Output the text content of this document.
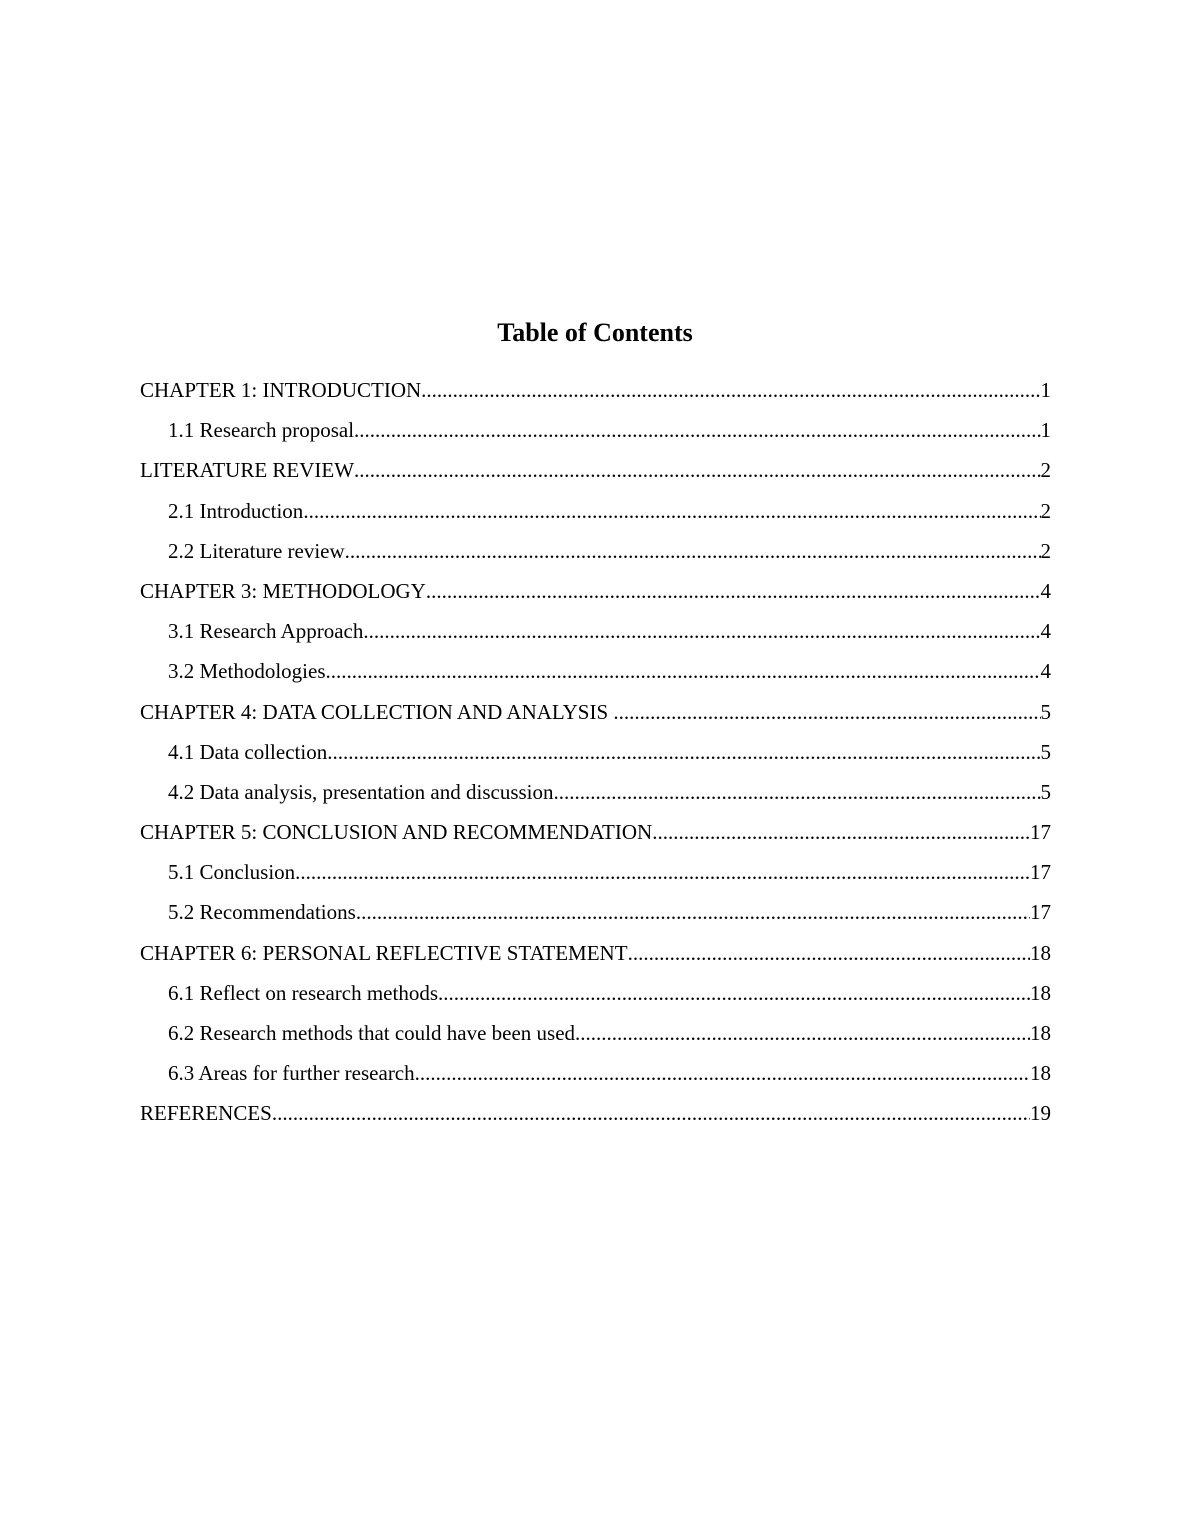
Table of Contents
CHAPTER 1: INTRODUCTION .....	1
1.1 Research proposal .....	1
LITERATURE REVIEW .....	2
2.1 Introduction .....	2
2.2 Literature review .....	2
CHAPTER 3: METHODOLOGY .....	4
3.1 Research Approach .....	4
3.2 Methodologies .....	4
CHAPTER 4: DATA COLLECTION AND ANALYSIS .....	5
4.1 Data collection .....	5
4.2 Data analysis, presentation and discussion .....	5
CHAPTER 5: CONCLUSION AND RECOMMENDATION .....	17
5.1 Conclusion .....	17
5.2 Recommendations .....	17
CHAPTER 6: PERSONAL REFLECTIVE STATEMENT .....	18
6.1 Reflect on research methods .....	18
6.2 Research methods that could have been used .....	18
6.3 Areas for further research .....	18
REFERENCES .....	19
